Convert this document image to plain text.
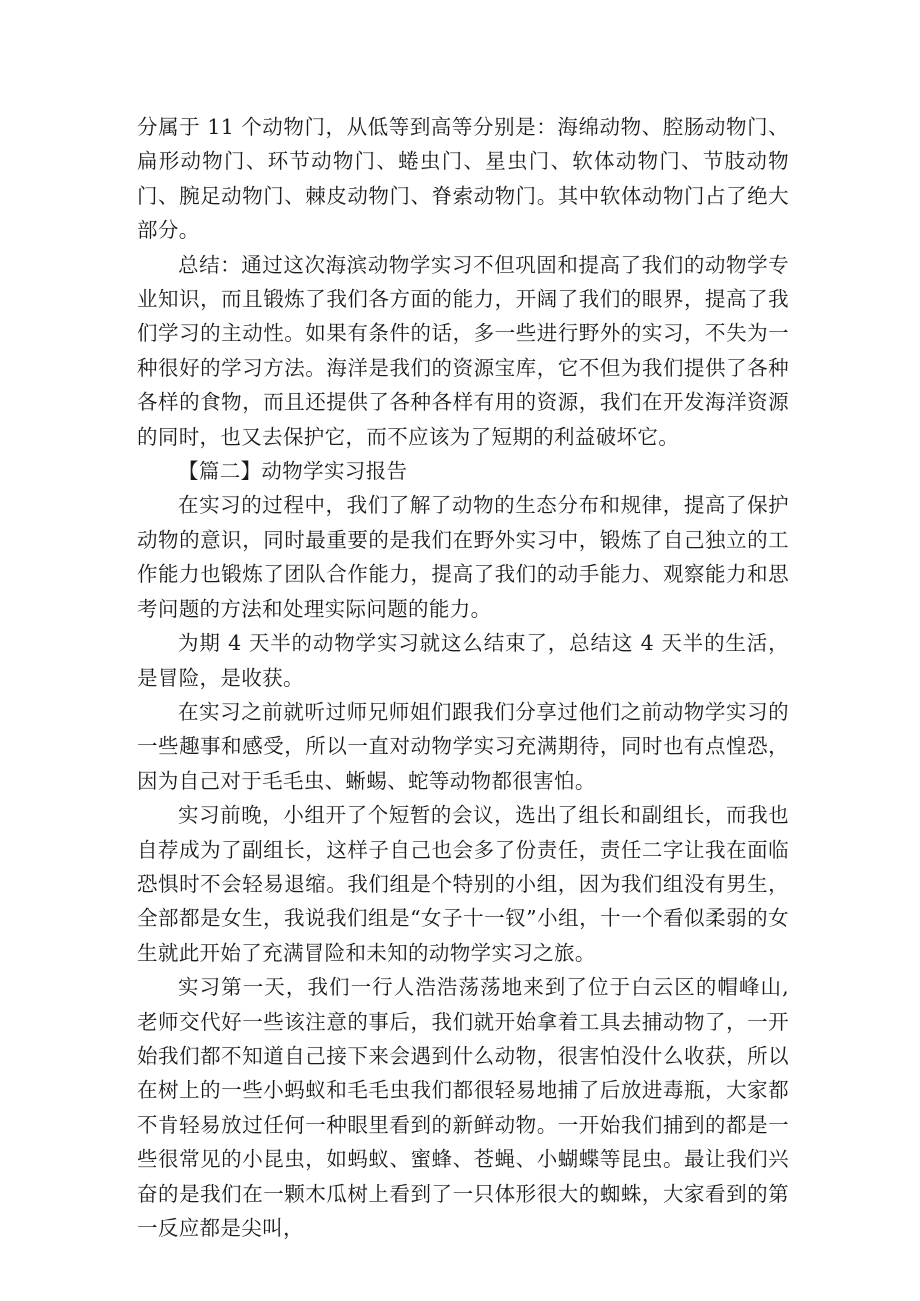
分属于 11 个动物门，从低等到高等分别是：海绵动物、腔肠动物门、扁形动物门、环节动物门、蜷虫门、星虫门、软体动物门、节肢动物门、腕足动物门、棘皮动物门、脊索动物门。其中软体动物门占了绝大部分。

总结：通过这次海滨动物学实习不但巩固和提高了我们的动物学专业知识，而且锻炼了我们各方面的能力，开阔了我们的眼界，提高了我们学习的主动性。如果有条件的话，多一些进行野外的实习，不失为一种很好的学习方法。海洋是我们的资源宝库，它不但为我们提供了各种各样的食物，而且还提供了各种各样有用的资源，我们在开发海洋资源的同时，也又去保护它，而不应该为了短期的利益破坏它。

【篇二】动物学实习报告

在实习的过程中，我们了解了动物的生态分布和规律，提高了保护动物的意识，同时最重要的是我们在野外实习中，锻炼了自己独立的工作能力也锻炼了团队合作能力，提高了我们的动手能力、观察能力和思考问题的方法和处理实际问题的能力。

为期 4 天半的动物学实习就这么结束了，总结这 4 天半的生活，是冒险，是收获。

在实习之前就听过师兄师姐们跟我们分享过他们之前动物学实习的一些趣事和感受，所以一直对动物学实习充满期待，同时也有点惶恐，因为自己对于毛毛虫、蜥蜴、蛇等动物都很害怕。

实习前晚，小组开了个短暂的会议，选出了组长和副组长，而我也自荐成为了副组长，这样子自己也会多了份责任，责任二字让我在面临恐惧时不会轻易退缩。我们组是个特别的小组，因为我们组没有男生，全部都是女生，我说我们组是“女子十一钗”小组，十一个看似柔弱的女生就此开始了充满冒险和未知的动物学实习之旅。

实习第一天，我们一行人浩浩荡荡地来到了位于白云区的帽峰山,老师交代好一些该注意的事后，我们就开始拿着工具去捕动物了，一开始我们都不知道自己接下来会遇到什么动物，很害怕没什么收获，所以在树上的一些小蚂蚁和毛毛虫我们都很轻易地捕了后放进毒瓶，大家都不肯轻易放过任何一种眼里看到的新鲜动物。一开始我们捕到的都是一些很常见的小昆虫，如蚂蚁、蜜蜂、苍蝇、小蝴蝶等昆虫。最让我们兴奋的是我们在一颗木瓜树上看到了一只体形很大的蜘蛛，大家看到的第一反应都是尖叫，
